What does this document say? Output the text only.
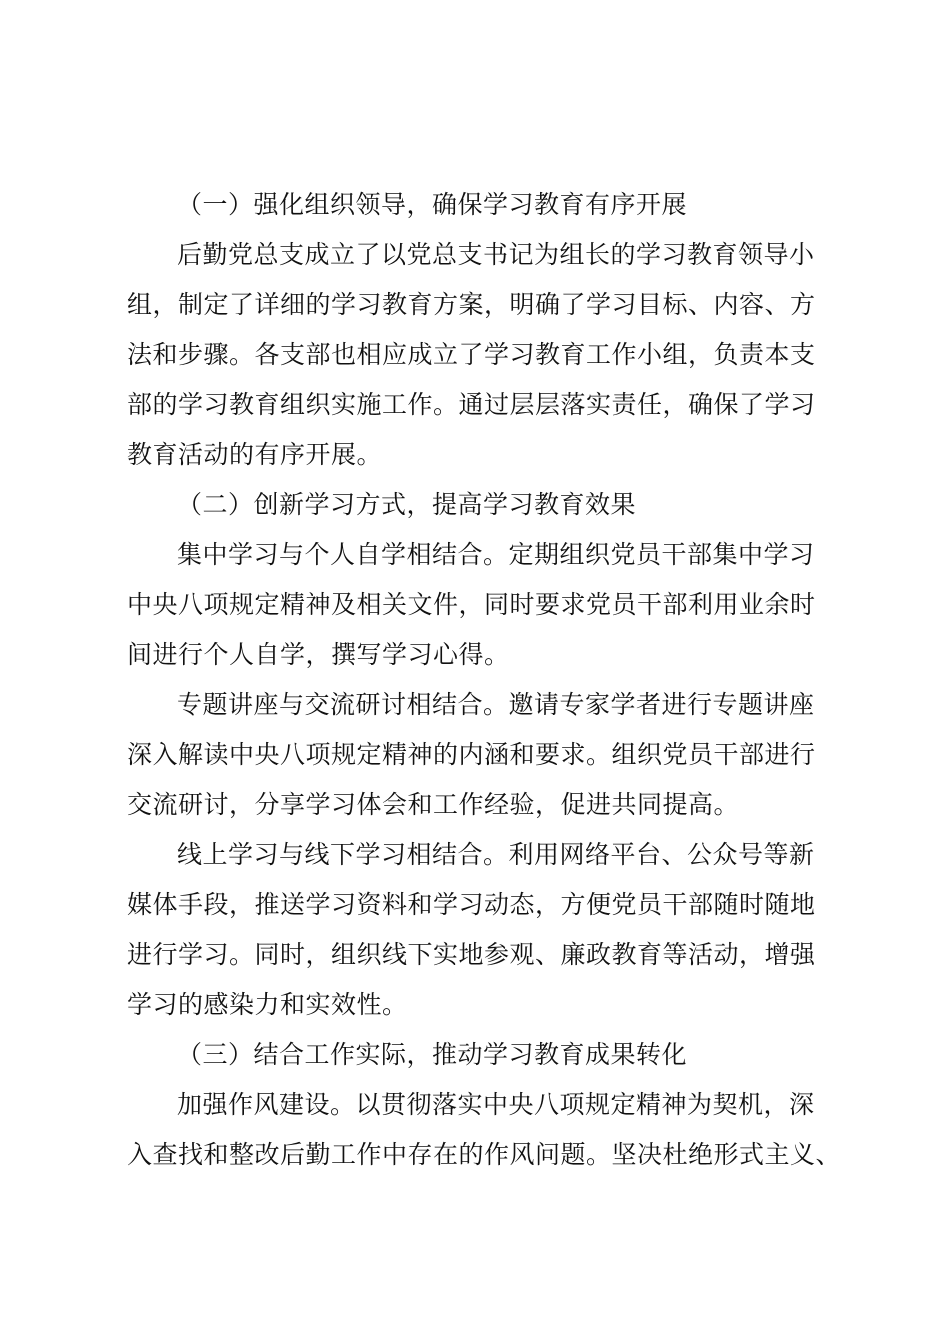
（一）强化组织领导，确保学习教育有序开展
后勤党总支成立了以党总支书记为组长的学习教育领导小
组，制定了详细的学习教育方案，明确了学习目标、内容、方
法和步骤。各支部也相应成立了学习教育工作小组，负责本支
部的学习教育组织实施工作。通过层层落实责任，确保了学习
教育活动的有序开展。
（二）创新学习方式，提高学习教育效果
集中学习与个人自学相结合。定期组织党员干部集中学习
中央八项规定精神及相关文件，同时要求党员干部利用业余时
间进行个人自学，撰写学习心得。
专题讲座与交流研讨相结合。邀请专家学者进行专题讲座
深入解读中央八项规定精神的内涵和要求。组织党员干部进行
交流研讨，分享学习体会和工作经验，促进共同提高。
线上学习与线下学习相结合。利用网络平台、公众号等新
媒体手段，推送学习资料和学习动态，方便党员干部随时随地
进行学习。同时，组织线下实地参观、廉政教育等活动，增强
学习的感染力和实效性。
（三）结合工作实际，推动学习教育成果转化
加强作风建设。以贯彻落实中央八项规定精神为契机，深
入查找和整改后勤工作中存在的作风问题。坚决杜绝形式主义、
